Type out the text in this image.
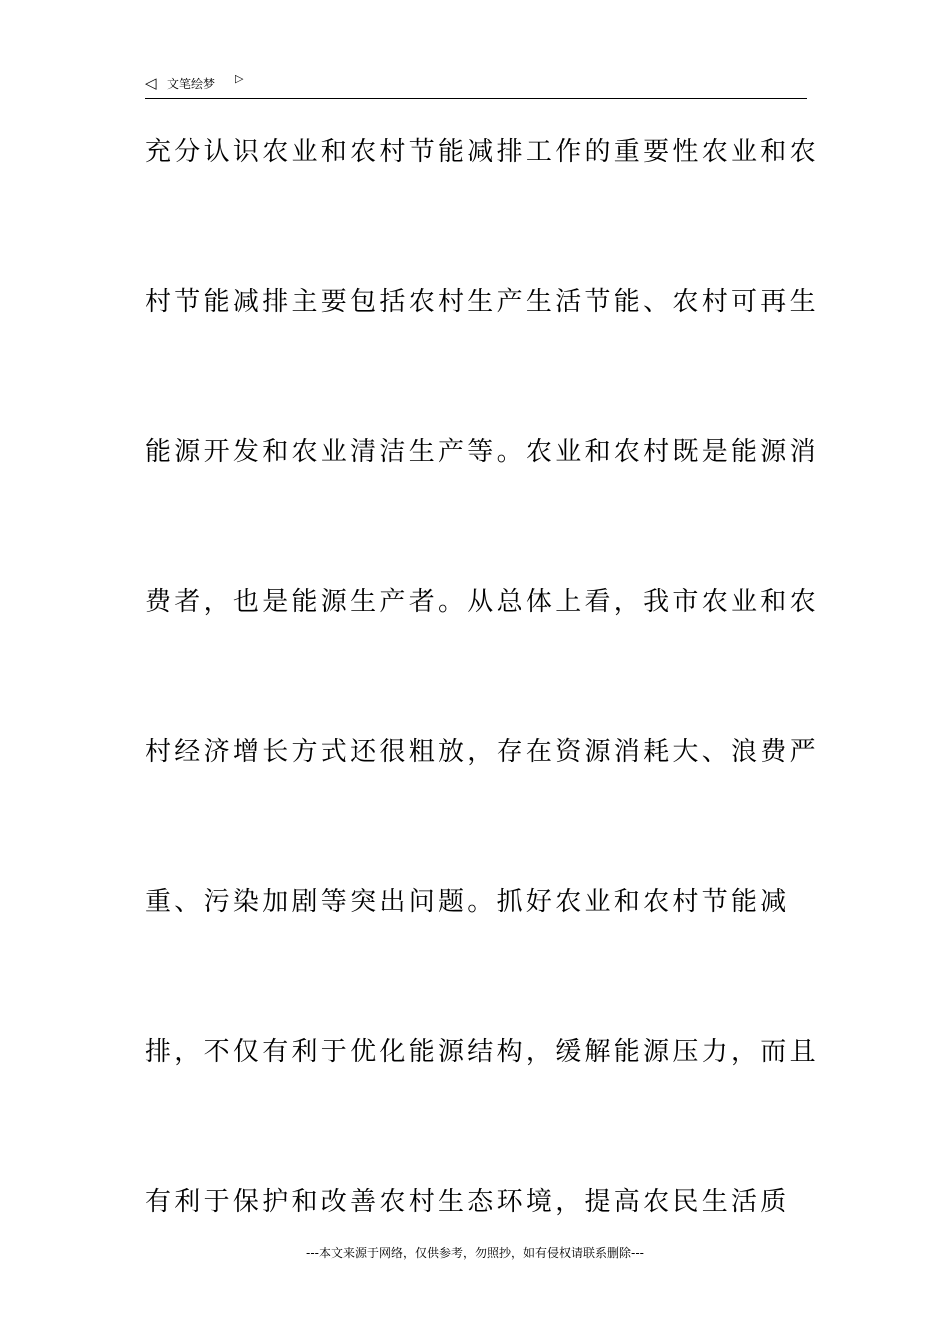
◁ 文笔绘梦 ▷
充分认识农业和农村节能减排工作的重要性农业和农
村节能减排主要包括农村生产生活节能、农村可再生
能源开发和农业清洁生产等。农业和农村既是能源消
费者，也是能源生产者。从总体上看，我市农业和农
村经济增长方式还很粗放，存在资源消耗大、浪费严
重、污染加剧等突出问题。抓好农业和农村节能减
排，不仅有利于优化能源结构，缓解能源压力，而且
有利于保护和改善农村生态环境，提高农民生活质
---本文来源于网络，仅供参考，勿照抄，如有侵权请联系删除---
